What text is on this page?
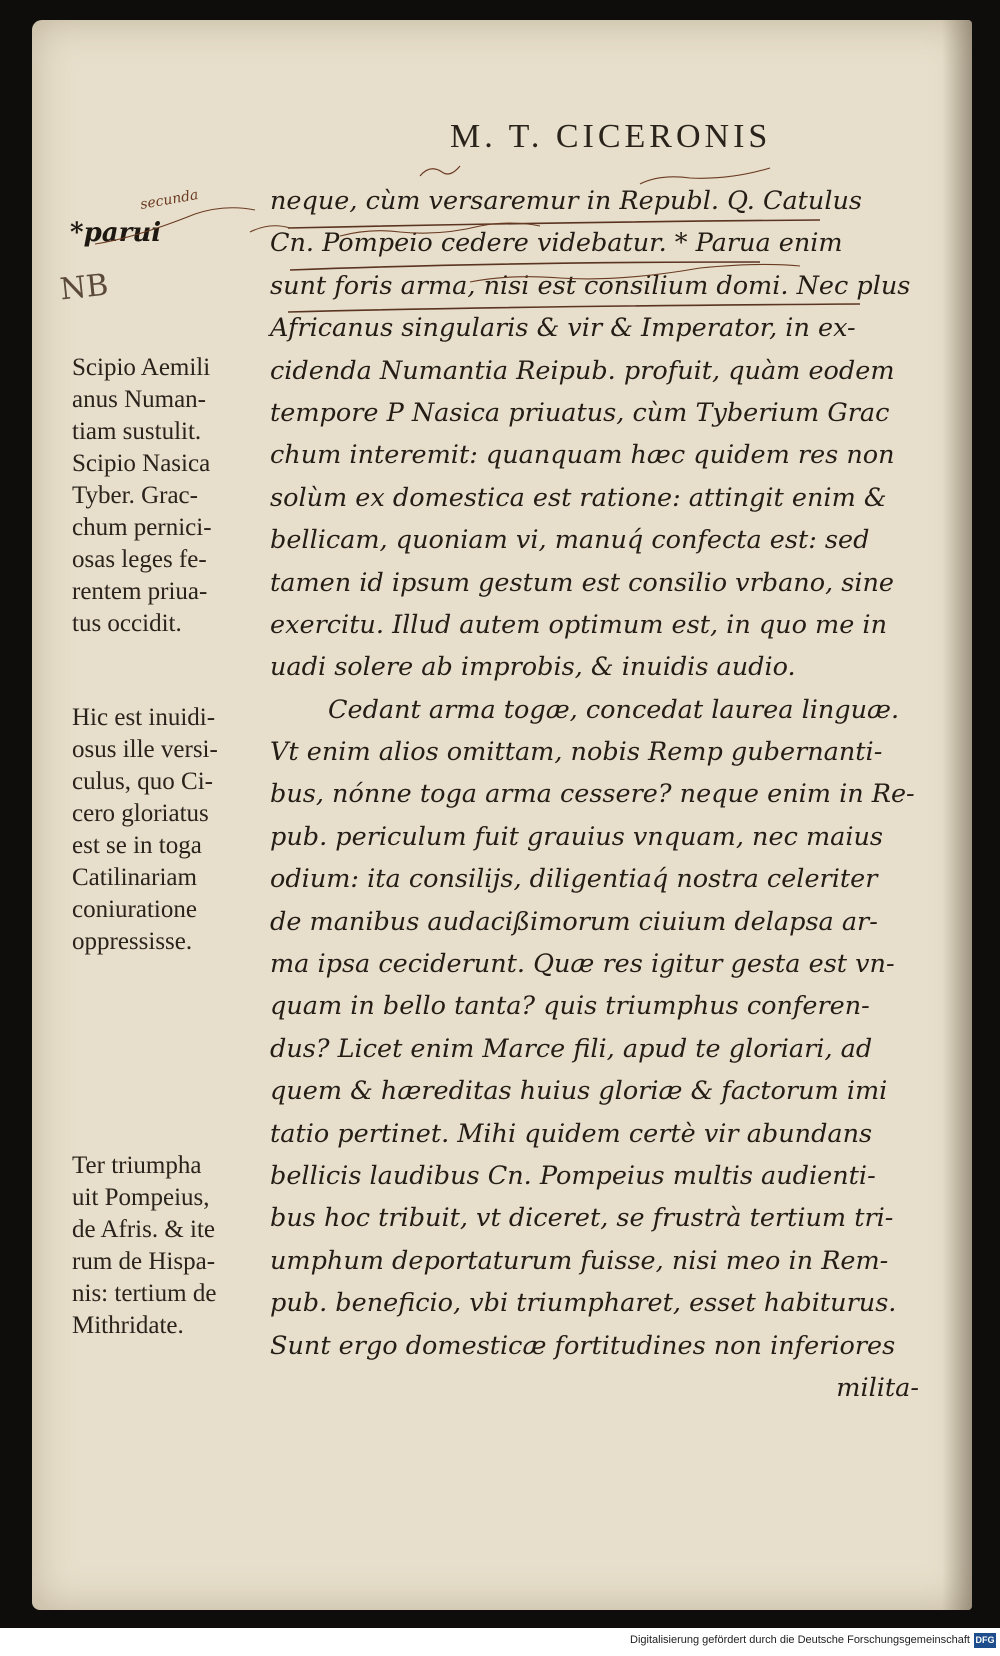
M. T. CICERONIS
secunda
*parui
NB
neque, cùm versaremur in Republ. Q. Catulus
Cn. Pompeio cedere videbatur. * Parua enim
sunt foris arma, nisi est consilium domi. Nec plus
Africanus singularis & vir & Imperator, in ex-
cidenda Numantia Reipub. profuit, quàm eodem
tempore P Nasica priuatus, cùm Tyberium Grac
chum interemit: quanquam hæc quidem res non
solùm ex domestica est ratione: attingit enim &
bellicam, quoniam vi, manuq́ confecta est: sed
tamen id ipsum gestum est consilio vrbano, sine
exercitu. Illud autem optimum est, in quo me in
uadi solere ab improbis, & inuidis audio.
Cedant arma togæ, concedat laurea linguæ.
Vt enim alios omittam, nobis Remp gubernanti-
bus, nónne toga arma cessere? neque enim in Re-
pub. periculum fuit grauius vnquam, nec maius
odium: ita consilijs, diligentiaq́ nostra celeriter
de manibus audacißimorum ciuium delapsa ar-
ma ipsa ceciderunt. Quæ res igitur gesta est vn-
quam in bello tanta? quis triumphus conferen-
dus? Licet enim Marce fili, apud te gloriari, ad
quem & hæreditas huius gloriæ & factorum imi
tatio pertinet. Mihi quidem certè vir abundans
bellicis laudibus Cn. Pompeius multis audienti-
bus hoc tribuit, vt diceret, se frustrà tertium tri-
umphum deportaturum fuisse, nisi meo in Rem-
pub. beneficio, vbi triumpharet, esset habiturus.
Sunt ergo domesticæ fortitudines non inferiores
milita-
Scipio Aemili
anus Numan-
tiam sustulit.
Scipio Nasica
Tyber. Grac-
chum pernici-
osas leges fe-
rentem priua-
tus occidit.
Hic est inuidi-
osus ille versi-
culus, quo Ci-
cero gloriatus
est se in toga
Catilinariam
coniuratione
oppressisse.
Ter triumpha
uit Pompeius,
de Afris. & ite
rum de Hispa-
nis: tertium de
Mithridate.
Digitalisierung gefördert durch die Deutsche Forschungsgemeinschaft DFG
